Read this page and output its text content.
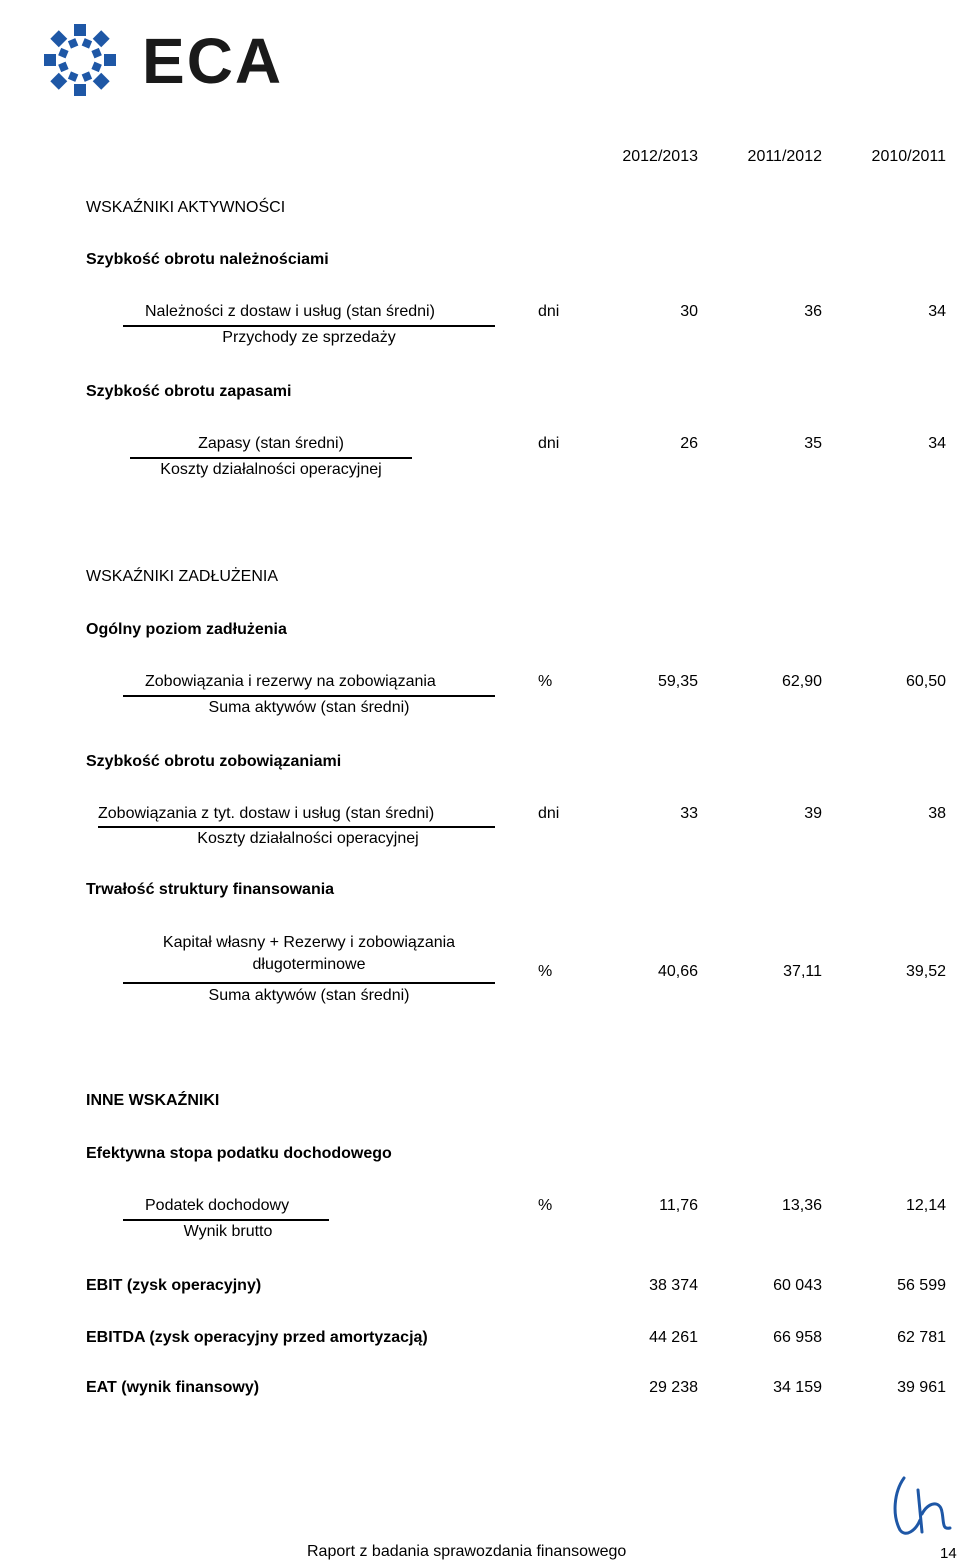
ECA
2012/2013	2011/2012	2010/2011
WSKAŹNIKI AKTYWNOŚCI
Szybkość obrotu należnościami
Należności z dostaw i usług (stan średni)
Przychody ze sprzedaży
dni	30	36	34
Szybkość obrotu zapasami
Zapasy (stan średni)
Koszty działalności operacyjnej
dni	26	35	34
WSKAŹNIKI ZADŁUŻENIA
Ogólny poziom zadłużenia
Zobowiązania i rezerwy na zobowiązania
Suma aktywów (stan średni)
%	59,35	62,90	60,50
Szybkość obrotu zobowiązaniami
Zobowiązania z tyt. dostaw i usług (stan średni)
Koszty działalności operacyjnej
dni	33	39	38
Trwałość struktury finansowania
Kapitał własny + Rezerwy i zobowiązania
długoterminowe
Suma aktywów (stan średni)
%	40,66	37,11	39,52
INNE WSKAŹNIKI
Efektywna stopa podatku dochodowego
Podatek dochodowy
Wynik brutto
%	11,76	13,36	12,14
EBIT (zysk operacyjny)	38 374	60 043	56 599
EBITDA (zysk operacyjny przed amortyzacją)	44 261	66 958	62 781
EAT (wynik finansowy)	29 238	34 159	39 961
Raport z badania sprawozdania finansowego	14
